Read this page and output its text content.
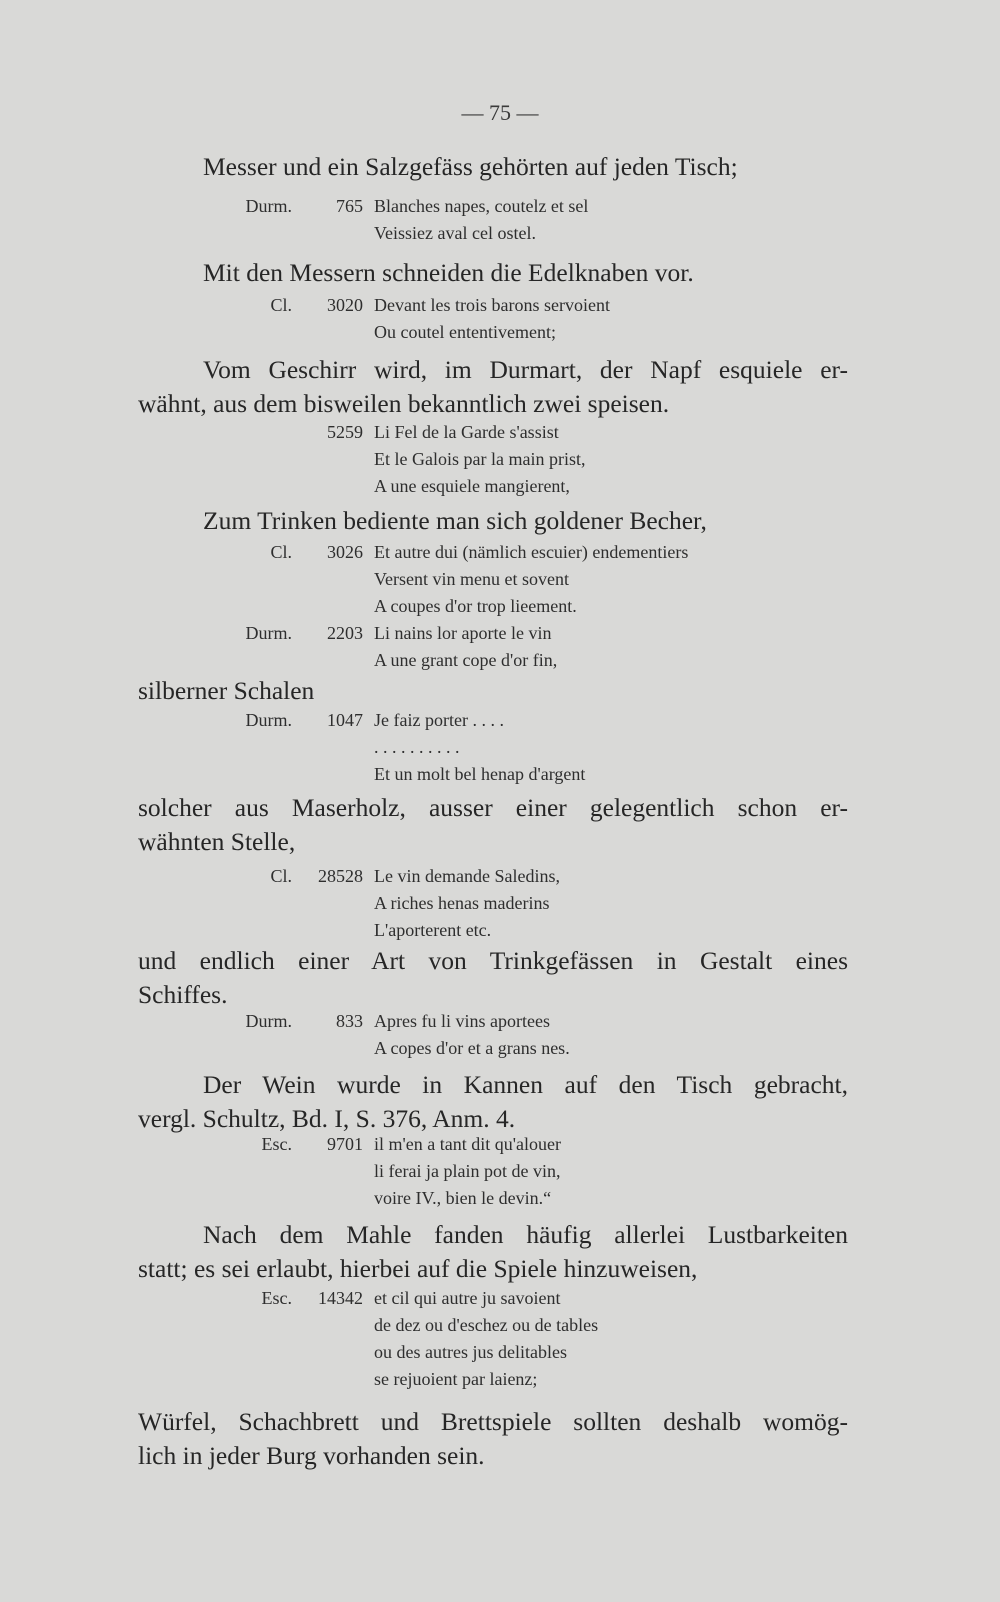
— 75 —
Messer und ein Salzgefäss gehörten auf jeden Tisch;
Durm.	765 Blanches napes, coutelz et sel
Veissiez aval cel ostel.
Mit den Messern schneiden die Edelknaben vor.
Cl.	3020 Devant les trois barons servoient
Ou coutel ententivement;
Vom Geschirr wird, im Durmart, der Napf esquiele er-
wähnt, aus dem bisweilen bekanntlich zwei speisen.
5259 Li Fel de la Garde s'assist
Et le Galois par la main prist,
A une esquiele mangierent,
Zum Trinken bediente man sich goldener Becher,
Cl.	3026 Et autre dui (nämlich escuier) endementiers
Versent vin menu et sovent
A coupes d'or trop lieement.
Durm.	2203 Li nains lor aporte le vin
A une grant cope d'or fin,
silberner Schalen
Durm.	1047 Je faiz porter . . . .
. . . . . . . . . .
Et un molt bel henap d'argent
solcher aus Maserholz, ausser einer gelegentlich schon er-
wähnten Stelle,
Cl.	28528 Le vin demande Saledins,
A riches henas maderins
L'aporterent etc.
und endlich einer Art von Trinkgefässen in Gestalt eines
Schiffes.
Durm.	833 Apres fu li vins aportees
A copes d'or et a grans nes.
Der Wein wurde in Kannen auf den Tisch gebracht,
vergl. Schultz, Bd. I, S. 376, Anm. 4.
Esc.	9701 il m'en a tant dit qu'alouer
li ferai ja plain pot de vin,
voire IV., bien le devin.“
Nach dem Mahle fanden häufig allerlei Lustbarkeiten
statt; es sei erlaubt, hierbei auf die Spiele hinzuweisen,
Esc.	14342 et cil qui autre ju savoient
de dez ou d'eschez ou de tables
ou des autres jus delitables
se rejuoient par laienz;
Würfel, Schachbrett und Brettspiele sollten deshalb womög-
lich in jeder Burg vorhanden sein.
